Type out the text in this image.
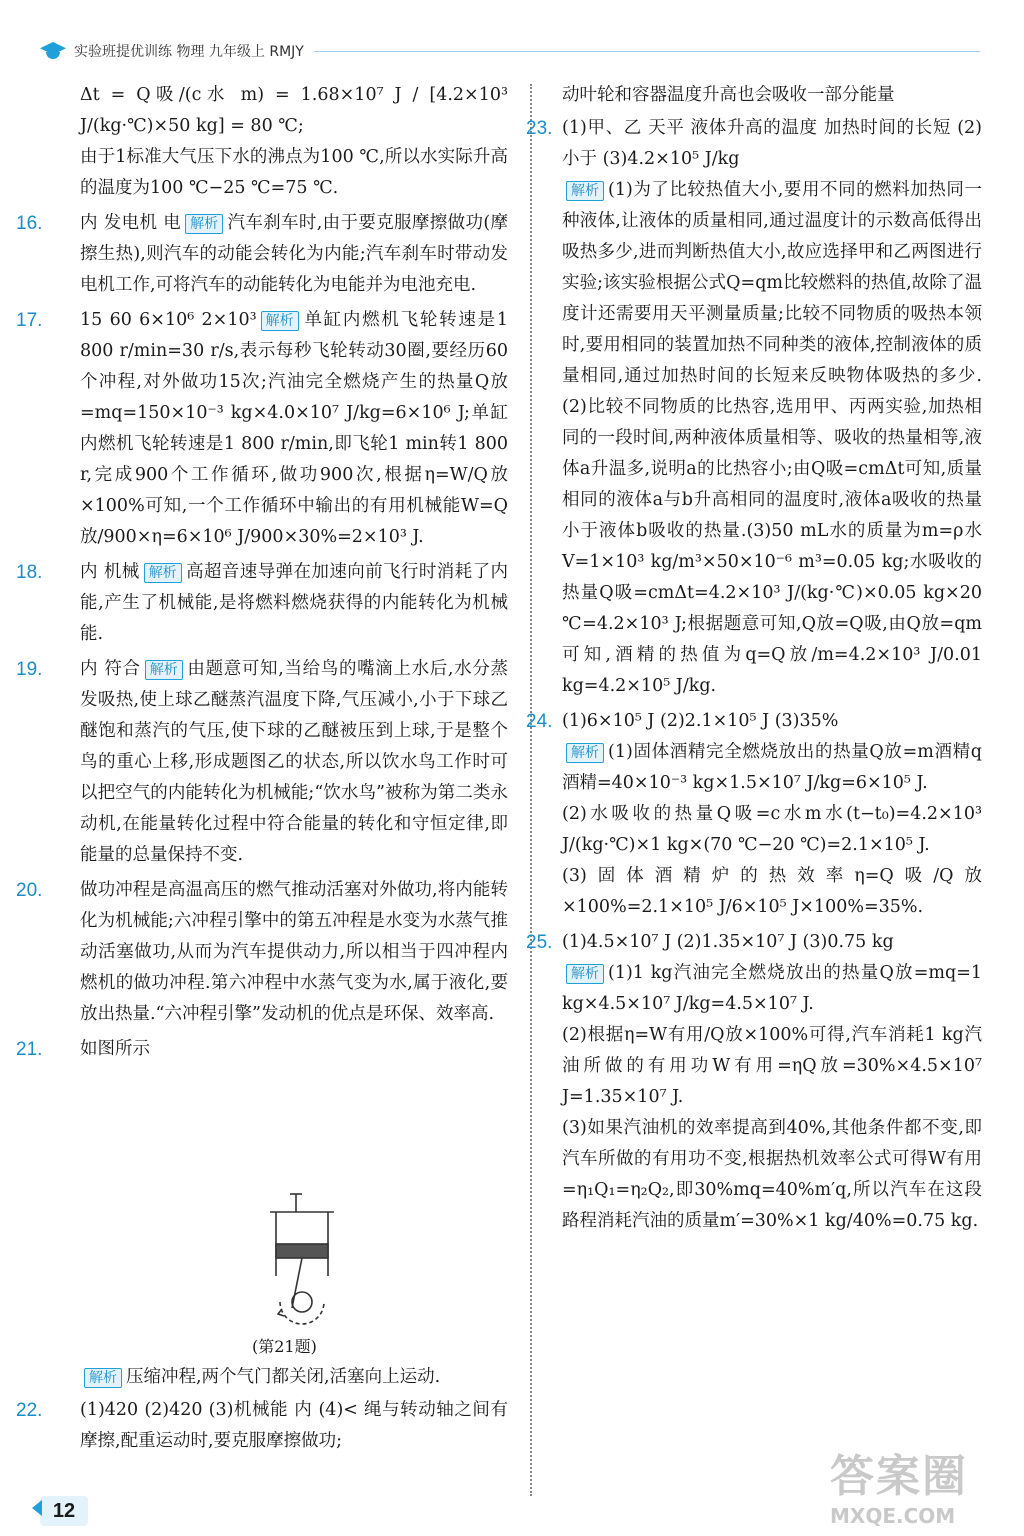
实验班提优训练 物理 九年级上 RMJY

Δt = Q吸/(c水 m) = 1.68×10⁷ J / [4.2×10³ J/(kg·℃)×50 kg] = 80 ℃;

由于1标准大气压下水的沸点为100 ℃,所以水实际升高的温度为100 ℃−25 ℃=75 ℃.

16. 内 发电机 电 解析 汽车刹车时,由于要克服摩擦做功(摩擦生热),则汽车的动能会转化为内能;汽车刹车时带动发电机工作,可将汽车的动能转化为电能并为电池充电.

17. 15 60 6×10⁶ 2×10³ 解析 单缸内燃机飞轮转速是1 800 r/min=30 r/s,表示每秒飞轮转动30圈,要经历60个冲程,对外做功15次;汽油完全燃烧产生的热量Q放=mq=150×10⁻³ kg×4.0×10⁷ J/kg=6×10⁶ J;单缸内燃机飞轮转速是1 800 r/min,即飞轮1 min转1 800 r,完成900个工作循环,做功900次,根据η=W/Q放×100%可知,一个工作循环中输出的有用机械能W=Q放/900×η=6×10⁶ J/900×30%=2×10³ J.

18. 内 机械 解析 高超音速导弹在加速向前飞行时消耗了内能,产生了机械能,是将燃料燃烧获得的内能转化为机械能.

19. 内 符合 解析 由题意可知,当给鸟的嘴滴上水后,水分蒸发吸热,使上球乙醚蒸汽温度下降,气压减小,小于下球乙醚饱和蒸汽的气压,使下球的乙醚被压到上球,于是整个鸟的重心上移,形成题图乙的状态,所以饮水鸟工作时可以把空气的内能转化为机械能;“饮水鸟”被称为第二类永动机,在能量转化过程中符合能量的转化和守恒定律,即能量的总量保持不变.

20. 做功冲程是高温高压的燃气推动活塞对外做功,将内能转化为机械能;六冲程引擎中的第五冲程是水变为水蒸气推动活塞做功,从而为汽车提供动力,所以相当于四冲程内燃机的做功冲程.第六冲程中水蒸气变为水,属于液化,要放出热量.“六冲程引擎”发动机的优点是环保、效率高.

21. 如图所示

(第21题)

解析 压缩冲程,两个气门都关闭,活塞向上运动.

22. (1)420 (2)420 (3)机械能 内 (4)< 绳与转动轴之间有摩擦,配重运动时,要克服摩擦做功;

动叶轮和容器温度升高也会吸收一部分能量

23. (1)甲、乙 天平 液体升高的温度 加热时间的长短 (2)小于 (3)4.2×10⁵ J/kg

解析 (1)为了比较热值大小,要用不同的燃料加热同一种液体,让液体的质量相同,通过温度计的示数高低得出吸热多少,进而判断热值大小,故应选择甲和乙两图进行实验;该实验根据公式Q=qm比较燃料的热值,故除了温度计还需要用天平测量质量;比较不同物质的吸热本领时,要用相同的装置加热不同种类的液体,控制液体的质量相同,通过加热时间的长短来反映物体吸热的多少.(2)比较不同物质的比热容,选用甲、丙两实验,加热相同的一段时间,两种液体质量相等、吸收的热量相等,液体a升温多,说明a的比热容小;由Q吸=cmΔt可知,质量相同的液体a与b升高相同的温度时,液体a吸收的热量小于液体b吸收的热量.(3)50 mL水的质量为m=ρ水V=1×10³ kg/m³×50×10⁻⁶ m³=0.05 kg;水吸收的热量Q吸=cmΔt=4.2×10³ J/(kg·℃)×0.05 kg×20 ℃=4.2×10³ J;根据题意可知,Q放=Q吸,由Q放=qm可知,酒精的热值为q=Q放/m=4.2×10³ J/0.01 kg=4.2×10⁵ J/kg.

24. (1)6×10⁵ J (2)2.1×10⁵ J (3)35%

解析 (1)固体酒精完全燃烧放出的热量Q放=m酒精q酒精=40×10⁻³ kg×1.5×10⁷ J/kg=6×10⁵ J.

(2)水吸收的热量Q吸=c水m水(t−t₀)=4.2×10³ J/(kg·℃)×1 kg×(70 ℃−20 ℃)=2.1×10⁵ J.

(3)固体酒精炉的热效率η=Q吸/Q放×100%=2.1×10⁵ J/6×10⁵ J×100%=35%.

25. (1)4.5×10⁷ J (2)1.35×10⁷ J (3)0.75 kg

解析 (1)1 kg汽油完全燃烧放出的热量Q放=mq=1 kg×4.5×10⁷ J/kg=4.5×10⁷ J.

(2)根据η=W有用/Q放×100%可得,汽车消耗1 kg汽油所做的有用功W有用=ηQ放=30%×4.5×10⁷ J=1.35×10⁷ J.

(3)如果汽油机的效率提高到40%,其他条件都不变,即汽车所做的有用功不变,根据热机效率公式可得W有用=η₁Q₁=η₂Q₂,即30%mq=40%m′q,所以汽车在这段路程消耗汽油的质量m′=30%×1 kg/40%=0.75 kg.

12
答案圈
MXQE.COM
